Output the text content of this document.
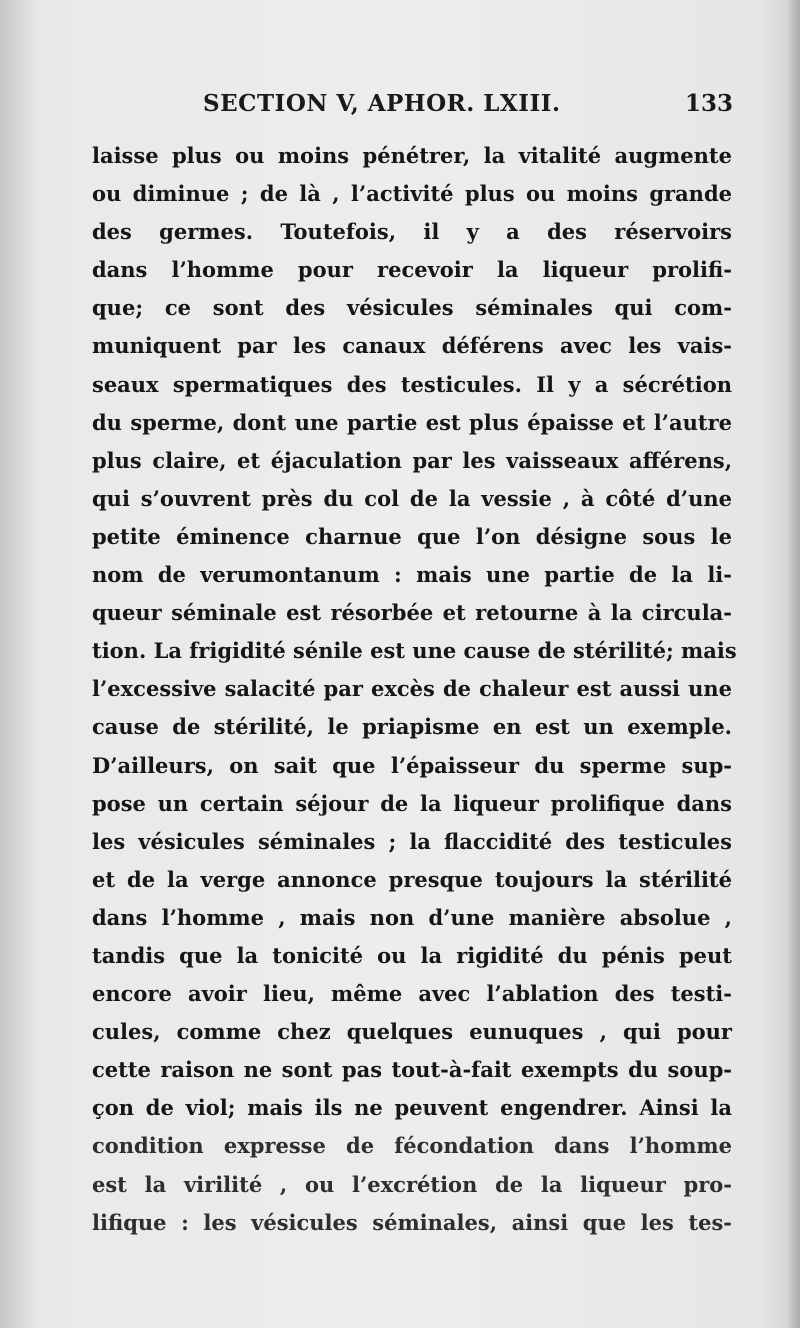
SECTION V, APHOR. LXIII.	133
laisse plus ou moins pénétrer, la vitalité augmente
ou diminue ; de là , l’activité plus ou moins grande
des germes. Toutefois, il y a des réservoirs
dans l’homme pour recevoir la liqueur prolifi-
que; ce sont des vésicules séminales qui com-
muniquent par les canaux déférens avec les vais-
seaux spermatiques des testicules. Il y a sécrétion
du sperme, dont une partie est plus épaisse et l’autre
plus claire, et éjaculation par les vaisseaux afférens,
qui s’ouvrent près du col de la vessie , à côté d’une
petite éminence charnue que l’on désigne sous le
nom de verumontanum : mais une partie de la li-
queur séminale est résorbée et retourne à la circula-
tion. La frigidité sénile est une cause de stérilité; mais
l’excessive salacité par excès de chaleur est aussi une
cause de stérilité, le priapisme en est un exemple.
D’ailleurs, on sait que l’épaisseur du sperme sup-
pose un certain séjour de la liqueur prolifique dans
les vésicules séminales ; la flaccidité des testicules
et de la verge annonce presque toujours la stérilité
dans l’homme , mais non d’une manière absolue ,
tandis que la tonicité ou la rigidité du pénis peut
encore avoir lieu, même avec l’ablation des testi-
cules, comme chez quelques eunuques , qui pour
cette raison ne sont pas tout-à-fait exempts du soup-
çon de viol; mais ils ne peuvent engendrer. Ainsi la
condition expresse de fécondation dans l’homme
est la virilité , ou l’excrétion de la liqueur pro-
lifique : les vésicules séminales, ainsi que les tes-
